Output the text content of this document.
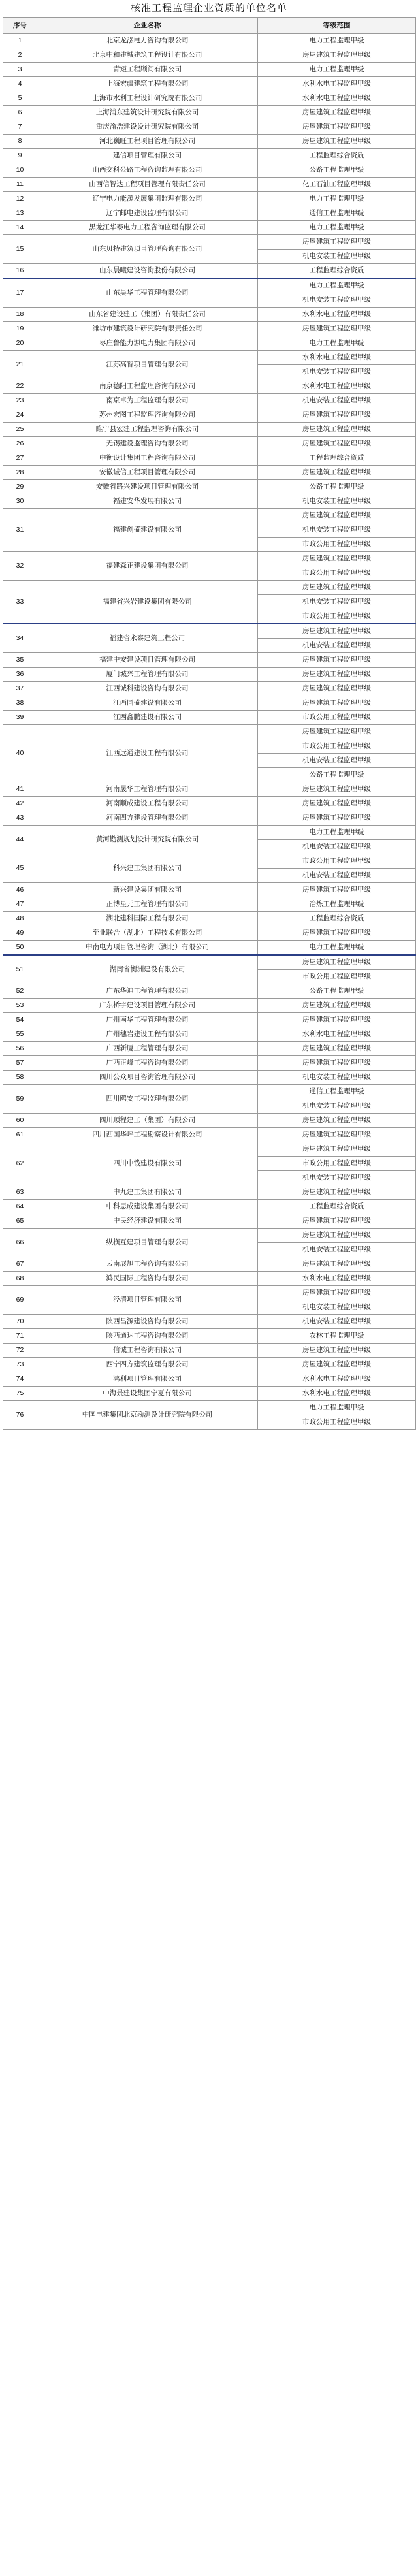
核准工程监理企业资质的单位名单
序号	企业名称	等级范围
1	北京龙泓电力咨询有限公司	电力工程监理甲级
2	北京中和建城建筑工程设计有限公司	房屋建筑工程监理甲级
3	青矩工程顾问有限公司	电力工程监理甲级
4	上海宏疆建筑工程有限公司	水利水电工程监理甲级
5	上海市水利工程设计研究院有限公司	水利水电工程监理甲级
6	上海浦东建筑设计研究院有限公司	房屋建筑工程监理甲级
7	重庆渝浩建设设计研究院有限公司	房屋建筑工程监理甲级
8	河北巍旺工程项目管理有限公司	房屋建筑工程监理甲级
9	建信项目管理有限公司	工程监理综合资质
10	山西交科公路工程咨询监理有限公司	公路工程监理甲级
11	山西信智达工程项目管理有限责任公司	化工石油工程监理甲级
12	辽宁电力能源发展集团监理有限公司	电力工程监理甲级
13	辽宁邮电建设监理有限公司	通信工程监理甲级
14	黑龙江华泰电力工程咨询监理有限公司	电力工程监理甲级
15	山东贝特建筑项目管理咨询有限公司	房屋建筑工程监理甲级
		机电安装工程监理甲级
16	山东晨曦建设咨询股份有限公司	工程监理综合资质
17	山东昊华工程管理有限公司	电力工程监理甲级
		机电安装工程监理甲级
18	山东省建设建工（集团）有限责任公司	水利水电工程监理甲级
19	潍坊市建筑设计研究院有限责任公司	房屋建筑工程监理甲级
20	枣庄鲁能力源电力集团有限公司	电力工程监理甲级
21	江苏高智项目管理有限公司	水利水电工程监理甲级
		机电安装工程监理甲级
22	南京德阳工程监理咨询有限公司	水利水电工程监理甲级
23	南京卓为工程监理有限公司	机电安装工程监理甲级
24	苏州宏图工程监理咨询有限公司	房屋建筑工程监理甲级
25	睢宁县宏建工程监理咨询有限公司	房屋建筑工程监理甲级
26	无锡建设监理咨询有限公司	房屋建筑工程监理甲级
27	中衡设计集团工程咨询有限公司	工程监理综合资质
28	安徽诚信工程项目管理有限公司	房屋建筑工程监理甲级
29	安徽省路兴建设项目管理有限公司	公路工程监理甲级
30	福建安华发展有限公司	机电安装工程监理甲级
31	福建创盛建设有限公司	房屋建筑工程监理甲级
		机电安装工程监理甲级
		市政公用工程监理甲级
32	福建森正建设集团有限公司	房屋建筑工程监理甲级
		市政公用工程监理甲级
33	福建省兴岩建设集团有限公司	房屋建筑工程监理甲级
		机电安装工程监理甲级
		市政公用工程监理甲级
34	福建省永泰建筑工程公司	房屋建筑工程监理甲级
		机电安装工程监理甲级
35	福建中安建设项目管理有限公司	房屋建筑工程监理甲级
36	厦门城兴工程管理有限公司	房屋建筑工程监理甲级
37	江西诚科建设咨询有限公司	房屋建筑工程监理甲级
38	江西同盛建设有限公司	房屋建筑工程监理甲级
39	江西鑫鹏建设有限公司	市政公用工程监理甲级
40	江西远通建设工程有限公司	房屋建筑工程监理甲级
		市政公用工程监理甲级
		机电安装工程监理甲级
		公路工程监理甲级
41	河南晟华工程管理有限公司	房屋建筑工程监理甲级
42	河南顺成建设工程有限公司	房屋建筑工程监理甲级
43	河南四方建设管理有限公司	房屋建筑工程监理甲级
44	黄河勘测规划设计研究院有限公司	电力工程监理甲级
		机电安装工程监理甲级
45	科兴建工集团有限公司	市政公用工程监理甲级
		机电安装工程监理甲级
46	新兴建设集团有限公司	房屋建筑工程监理甲级
47	正博星元工程管理有限公司	冶炼工程监理甲级
48	湖北建科国际工程有限公司	工程监理综合资质
49	至业联合（湖北）工程技术有限公司	房屋建筑工程监理甲级
50	中南电力项目管理咨询（湖北）有限公司	电力工程监理甲级
51	湖南省衡洲建设有限公司	房屋建筑工程监理甲级
		市政公用工程监理甲级
52	广东华迪工程管理有限公司	公路工程监理甲级
53	广东桥宇建设项目管理有限公司	房屋建筑工程监理甲级
54	广州南华工程管理有限公司	房屋建筑工程监理甲级
55	广州穗岩建设工程有限公司	水利水电工程监理甲级
56	广西新厦工程管理有限公司	房屋建筑工程监理甲级
57	广西正峰工程咨询有限公司	房屋建筑工程监理甲级
58	四川公众项目咨询管理有限公司	机电安装工程监理甲级
59	四川鸥安工程监理有限公司	通信工程监理甲级
		机电安装工程监理甲级
60	四川顺程建工（集团）有限公司	房屋建筑工程监理甲级
61	四川西国华坪工程勘察设计有限公司	房屋建筑工程监理甲级
62	四川中钱建设有限公司	房屋建筑工程监理甲级
		市政公用工程监理甲级
		机电安装工程监理甲级
63	中九建工集团有限公司	房屋建筑工程监理甲级
64	中科思成建设集团有限公司	工程监理综合资质
65	中民经济建设有限公司	房屋建筑工程监理甲级
66	纵横互建项目管理有限公司	房屋建筑工程监理甲级
		机电安装工程监理甲级
67	云南展旭工程咨询有限公司	房屋建筑工程监理甲级
68	鸿民国际工程咨询有限公司	水利水电工程监理甲级
69	泾清项目管理有限公司	房屋建筑工程监理甲级
		机电安装工程监理甲级
70	陕西昌源建设咨询有限公司	机电安装工程监理甲级
71	陕西通达工程咨询有限公司	农林工程监理甲级
72	信诚工程咨询有限公司	房屋建筑工程监理甲级
73	西宁四方建筑监理有限公司	房屋建筑工程监理甲级
74	鸿利项目管理有限公司	水利水电工程监理甲级
75	中海景建设集团宁夏有限公司	水利水电工程监理甲级
76	中国电建集团北京勘测设计研究院有限公司	电力工程监理甲级
		市政公用工程监理甲级
